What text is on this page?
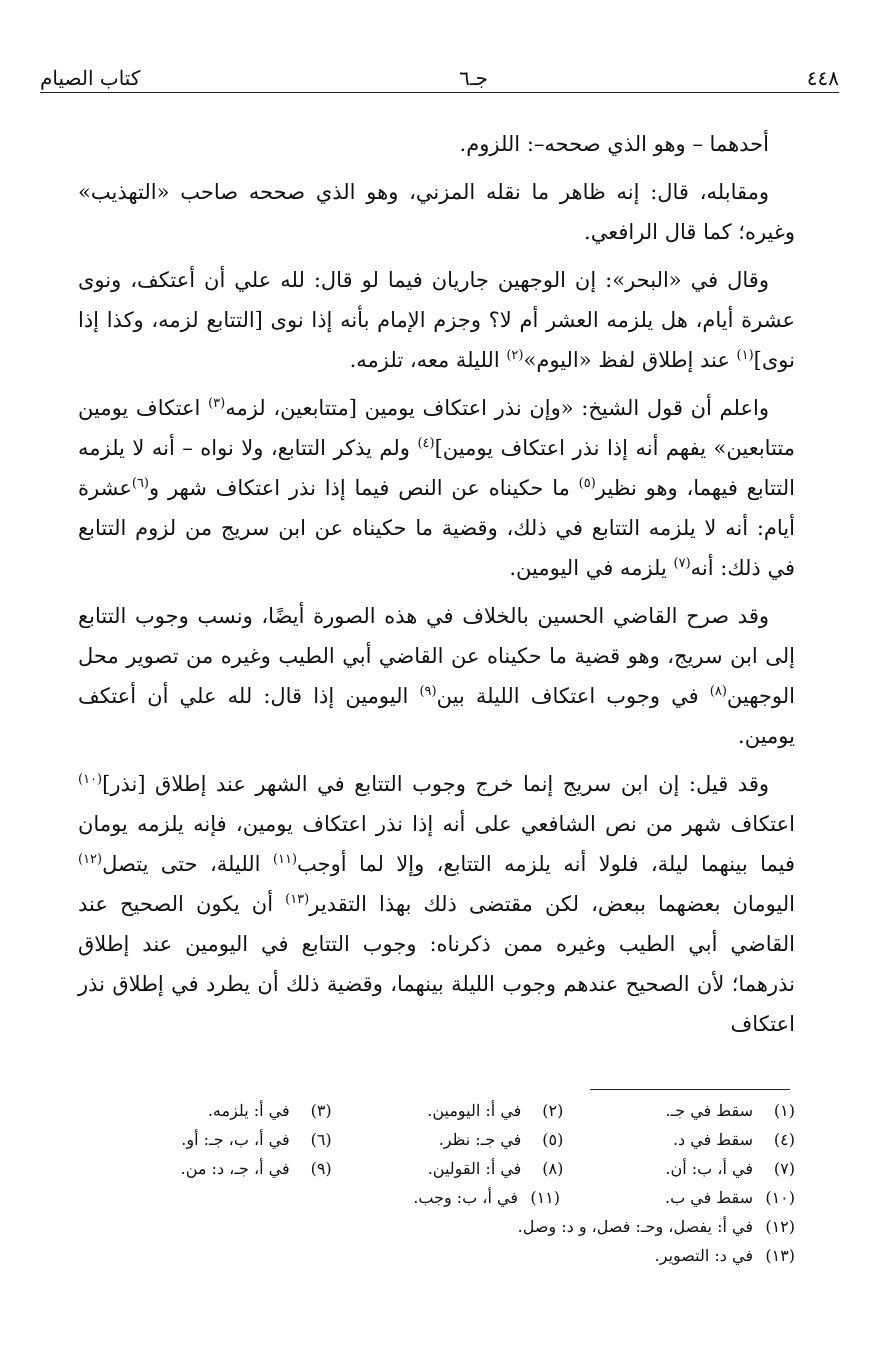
٤٤٨
جـ٦
كتاب الصيام

أحدهما – وهو الذي صححه–: اللزوم.

ومقابله، قال: إنه ظاهر ما نقله المزني، وهو الذي صححه صاحب «التهذيب» وغيره؛ كما قال الرافعي.

وقال في «البحر»: إن الوجهين جاريان فيما لو قال: لله علي أن أعتكف، ونوى عشرة أيام، هل يلزمه العشر أم لا؟ وجزم الإمام بأنه إذا نوى [التتابع لزمه، وكذا إذا نوى]$^{(١)}$ عند إطلاق لفظ «اليوم»$^{(٢)}$ الليلة معه، تلزمه.

واعلم أن قول الشيخ: «وإن نذر اعتكاف يومين [متتابعين، لزمه$^{(٣)}$ اعتكاف يومين متتابعين» يفهم أنه إذا نذر اعتكاف يومين]$^{(٤)}$ ولم يذكر التتابع، ولا نواه – أنه لا يلزمه التتابع فيهما، وهو نظير$^{(٥)}$ ما حكيناه عن النص فيما إذا نذر اعتكاف شهر و$^{(٦)}$عشرة أيام: أنه لا يلزمه التتابع في ذلك، وقضية ما حكيناه عن ابن سريج من لزوم التتابع في ذلك: أنه$^{(٧)}$ يلزمه في اليومين.

وقد صرح القاضي الحسين بالخلاف في هذه الصورة أيضًا، ونسب وجوب التتابع إلى ابن سريج، وهو قضية ما حكيناه عن القاضي أبي الطيب وغيره من تصوير محل الوجهين$^{(٨)}$ في وجوب اعتكاف الليلة بين$^{(٩)}$ اليومين إذا قال: لله علي أن أعتكف يومين.

وقد قيل: إن ابن سريج إنما خرج وجوب التتابع في الشهر عند إطلاق [نذر]$^{(١٠)}$ اعتكاف شهر من نص الشافعي على أنه إذا نذر اعتكاف يومين، فإنه يلزمه يومان فيما بينهما ليلة، فلولا أنه يلزمه التتابع، وإلا لما أوجب$^{(١١)}$ الليلة، حتى يتصل$^{(١٢)}$ اليومان بعضهما ببعض، لكن مقتضى ذلك بهذا التقدير$^{(١٣)}$ أن يكون الصحيح عند القاضي أبي الطيب وغيره ممن ذكرناه: وجوب التتابع في اليومين عند إطلاق نذرهما؛ لأن الصحيح عندهم وجوب الليلة بينهما، وقضية ذلك أن يطرد في إطلاق نذر اعتكاف

(١)سقط في جـ.
(٢)في أ: اليومين.
(٣)في أ: يلزمه.
(٤)سقط في د.
(٥)في جـ: نظر.
(٦)في أ، ب، جـ: أو.
(٧)في أ، ب: أن.
(٨)في أ: القولين.
(٩)في أ، جـ، د: من.
(١٠)سقط في ب.
(١١)في أ، ب: وجب.
(١٢)في أ: يفصل، وحـ: فصل، و د: وصل.
(١٣)في د: التصوير.
